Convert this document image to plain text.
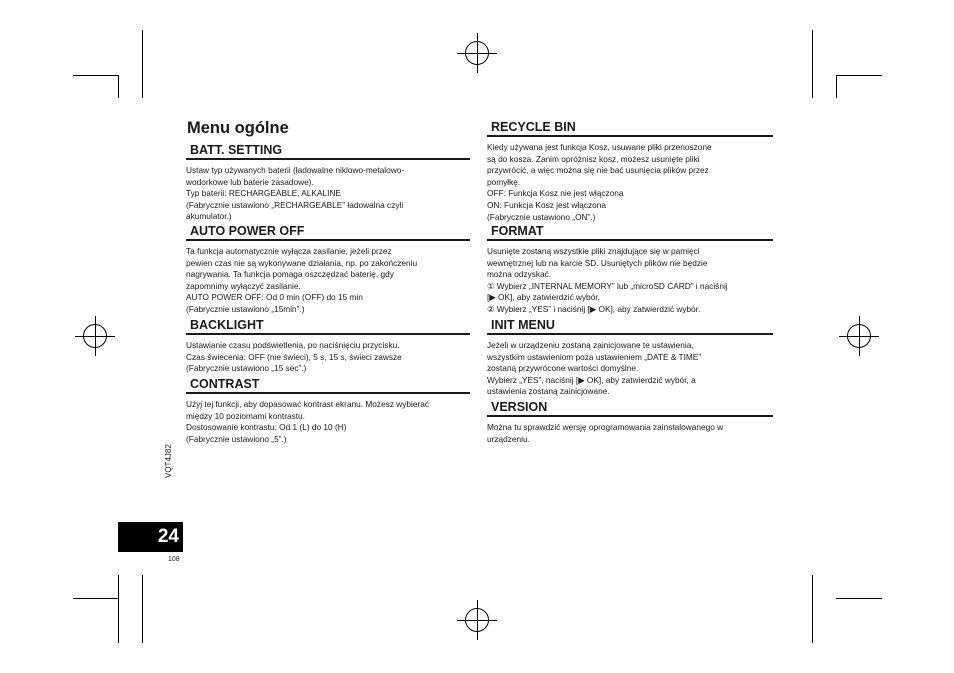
Menu ogólne
BATT. SETTING
Ustaw typ używanych baterii (ładowalne niklowo-metalowo-
wodorkowe lub baterie zasadowe).
Typ baterii: RECHARGEABLE, ALKALINE
(Fabrycznie ustawiono „RECHARGEABLE” ładowalna czyli
akumulator.)
AUTO POWER OFF
Ta funkcja automatycznie wyłącza zasilanie, jeżeli przez
pewien czas nie są wykonywane działania, np. po zakończeniu
nagrywania. Ta funkcja pomaga oszczędzać baterię, gdy
zapomnimy wyłączyć zasilanie.
AUTO POWER OFF: Od 0 min (OFF) do 15 min
(Fabrycznie ustawiono „15min”.)
BACKLIGHT
Ustawianie czasu podświetlenia, po naciśnięciu przycisku.
Czas świecenia: OFF (nie świeci), 5 s, 15 s, świeci zawsze
(Fabrycznie ustawiono „15 sec”.)
CONTRAST
Użyj tej funkcji, aby dopasować kontrast ekranu. Możesz wybierać
między 10 poziomami kontrastu.
Dostosowanie kontrastu: Od 1 (L) do 10 (H)
(Fabrycznie ustawiono „5”.)
RECYCLE BIN
Kiedy używana jest funkcja Kosz, usuwane pliki przenoszone
są do kosza. Zanim opróżnisz kosz, możesz usunięte pliki
przywrócić, a więc można się nie bać usunięcia plików przez
pomyłkę.
OFF: Funkcja Kosz nie jest włączona
ON: Funkcja Kosz jest włączona
(Fabrycznie ustawiono „ON”.)
FORMAT
Usunięte zostaną wszystkie pliki znajdujące się w pamięci
wewnętrznej lub na karcie SD. Usuniętych plików nie będzie
można odzyskać.
① Wybierz „INTERNAL MEMORY” lub „microSD CARD” i naciśnij
[▶ OK], aby zatwierdzić wybór.
② Wybierz „YES” i naciśnij [▶ OK], aby zatwierdzić wybór.
INIT MENU
Jeżeli w urządzeniu zostaną zainicjowane te ustawienia,
wszystkim ustawieniom poza ustawieniem „DATE & TIME”
zostaną przywrócone wartości domyślne.
Wybierz „YES”, naciśnij [▶ OK], aby zatwierdzić wybór, a
ustawienia zostaną zainicjowane.
VERSION
Można tu sprawdzić wersję oprogramowania zainstalowanego w
urządzeniu.
VQT4J82
24
108
